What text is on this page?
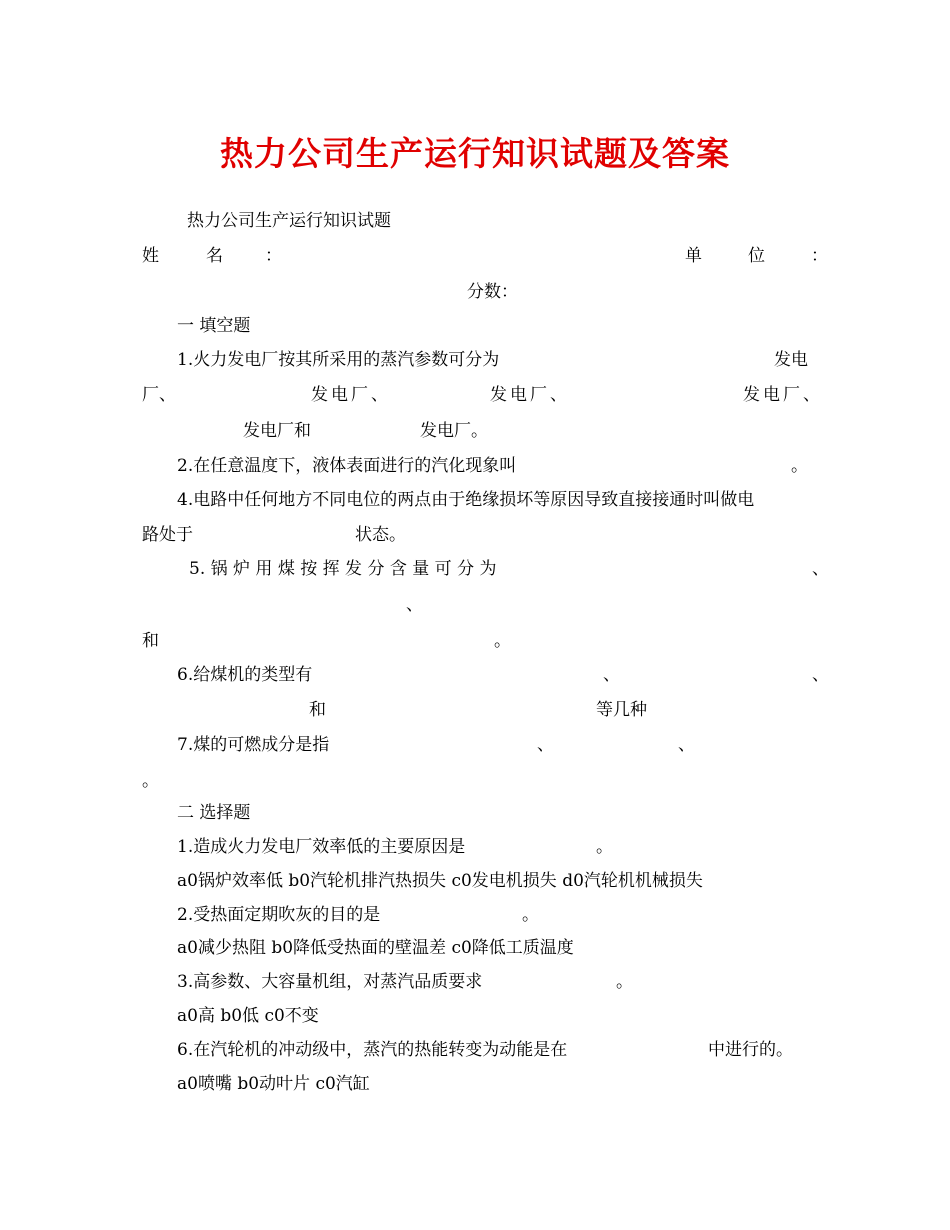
热力公司生产运行知识试题及答案
热力公司生产运行知识试题
姓	名 ：	单	位	：
分数：
一 填空题
1.火力发电厂按其所采用的蒸汽参数可分为	发电
厂、	发电厂、	发电厂、	发电厂、
发电厂和	发电厂。
2.在任意温度下，液体表面进行的汽化现象叫	。
4.电路中任何地方不同电位的两点由于绝缘损坏等原因导致直接接通时叫做电
路处于	状态。
5. 锅 炉 用 煤 按 挥 发 分 含 量 可 分 为	、
、
和	。
6.给煤机的类型有	、	、
和	等几种
7.煤的可燃成分是指	、	、
。
二 选择题
1.造成火力发电厂效率低的主要原因是	。
a0锅炉效率低 b0汽轮机排汽热损失 c0发电机损失 d0汽轮机机械损失
2.受热面定期吹灰的目的是	。
a0减少热阻 b0降低受热面的壁温差 c0降低工质温度
3.高参数、大容量机组，对蒸汽品质要求	。
a0高 b0低 c0不变
6.在汽轮机的冲动级中，蒸汽的热能转变为动能是在	中进行的。
a0喷嘴 b0动叶片 c0汽缸
